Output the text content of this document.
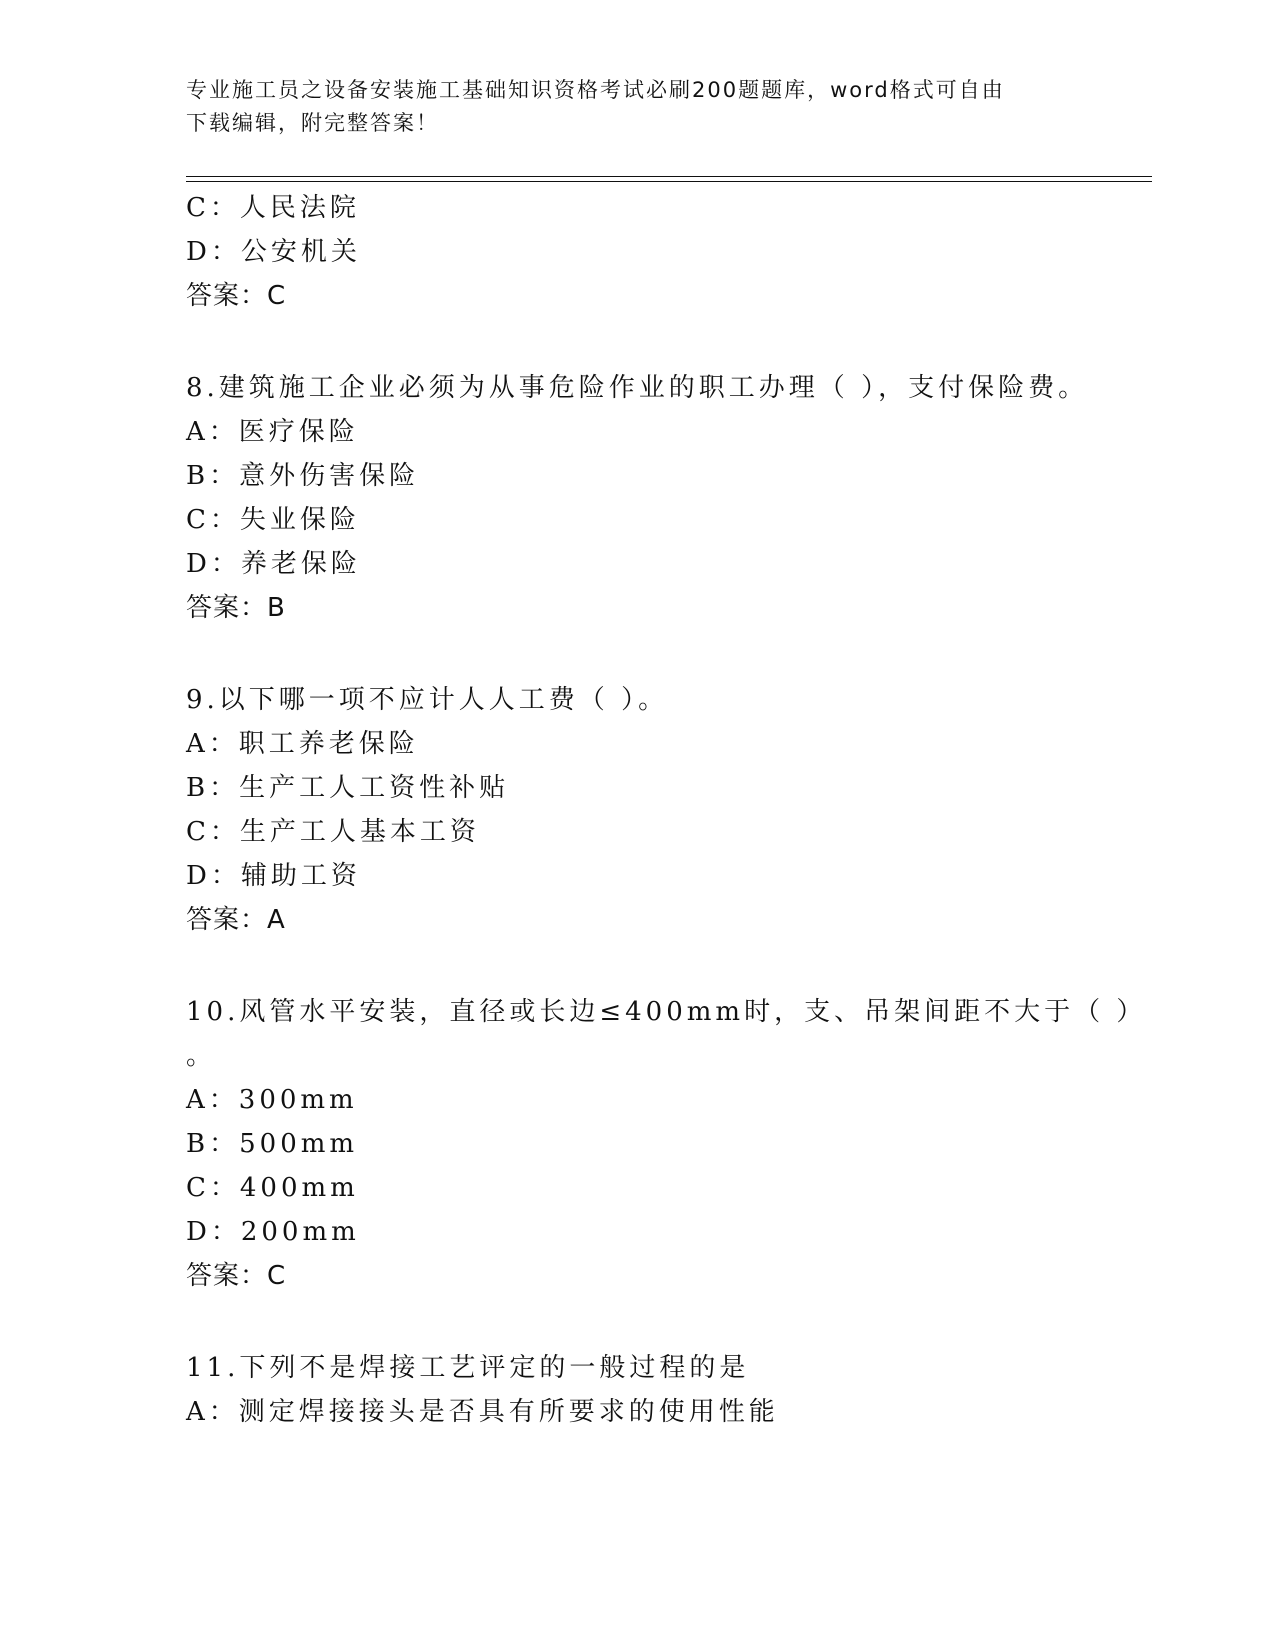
专业施工员之设备安装施工基础知识资格考试必刷200题题库，word格式可自由
下载编辑，附完整答案！
C：人民法院
D：公安机关
答案：C
8.建筑施工企业必须为从事危险作业的职工办理（ ），支付保险费。
A：医疗保险
B：意外伤害保险
C：失业保险
D：养老保险
答案：B
9.以下哪一项不应计人人工费（ ）。
A：职工养老保险
B：生产工人工资性补贴
C：生产工人基本工资
D：辅助工资
答案：A
10.风管水平安装，直径或长边≤400mm时，支、吊架间距不大于（ ）
。
A：300mm
B：500mm
C：400mm
D：200mm
答案：C
11.下列不是焊接工艺评定的一般过程的是
A：测定焊接接头是否具有所要求的使用性能
